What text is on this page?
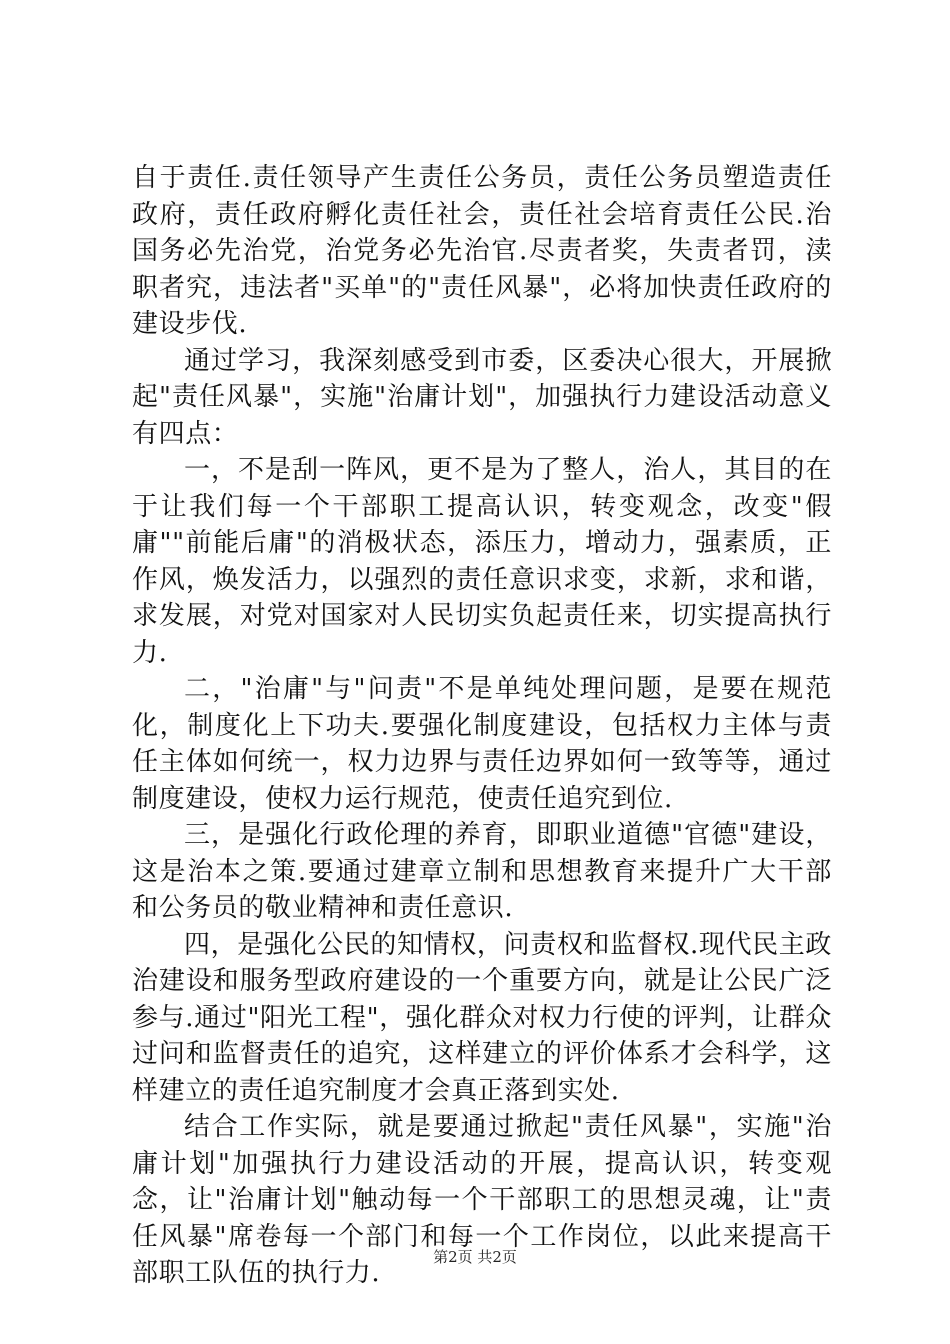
自于责任.责任领导产生责任公务员，责任公务员塑造责任政府，责任政府孵化责任社会，责任社会培育责任公民.治国务必先治党，治党务必先治官.尽责者奖，失责者罚，渎职者究，违法者"买单"的"责任风暴"，必将加快责任政府的建设步伐.

通过学习，我深刻感受到市委，区委决心很大，开展掀起"责任风暴"，实施"治庸计划"，加强执行力建设活动意义有四点：

一，不是刮一阵风，更不是为了整人，治人，其目的在于让我们每一个干部职工提高认识，转变观念，改变"假庸""前能后庸"的消极状态，添压力，增动力，强素质，正作风，焕发活力，以强烈的责任意识求变，求新，求和谐，求发展，对党对国家对人民切实负起责任来，切实提高执行力.

二，"治庸"与"问责"不是单纯处理问题，是要在规范化，制度化上下功夫.要强化制度建设，包括权力主体与责任主体如何统一，权力边界与责任边界如何一致等等，通过制度建设，使权力运行规范，使责任追究到位.

三，是强化行政伦理的养育，即职业道德"官德"建设，这是治本之策.要通过建章立制和思想教育来提升广大干部和公务员的敬业精神和责任意识.

四，是强化公民的知情权，问责权和监督权.现代民主政治建设和服务型政府建设的一个重要方向，就是让公民广泛参与.通过"阳光工程"，强化群众对权力行使的评判，让群众过问和监督责任的追究，这样建立的评价体系才会科学，这样建立的责任追究制度才会真正落到实处.

结合工作实际，就是要通过掀起"责任风暴"，实施"治庸计划"加强执行力建设活动的开展，提高认识，转变观念，让"治庸计划"触动每一个干部职工的思想灵魂，让"责任风暴"席卷每一个部门和每一个工作岗位，以此来提高干部职工队伍的执行力.

第2页 共2页
